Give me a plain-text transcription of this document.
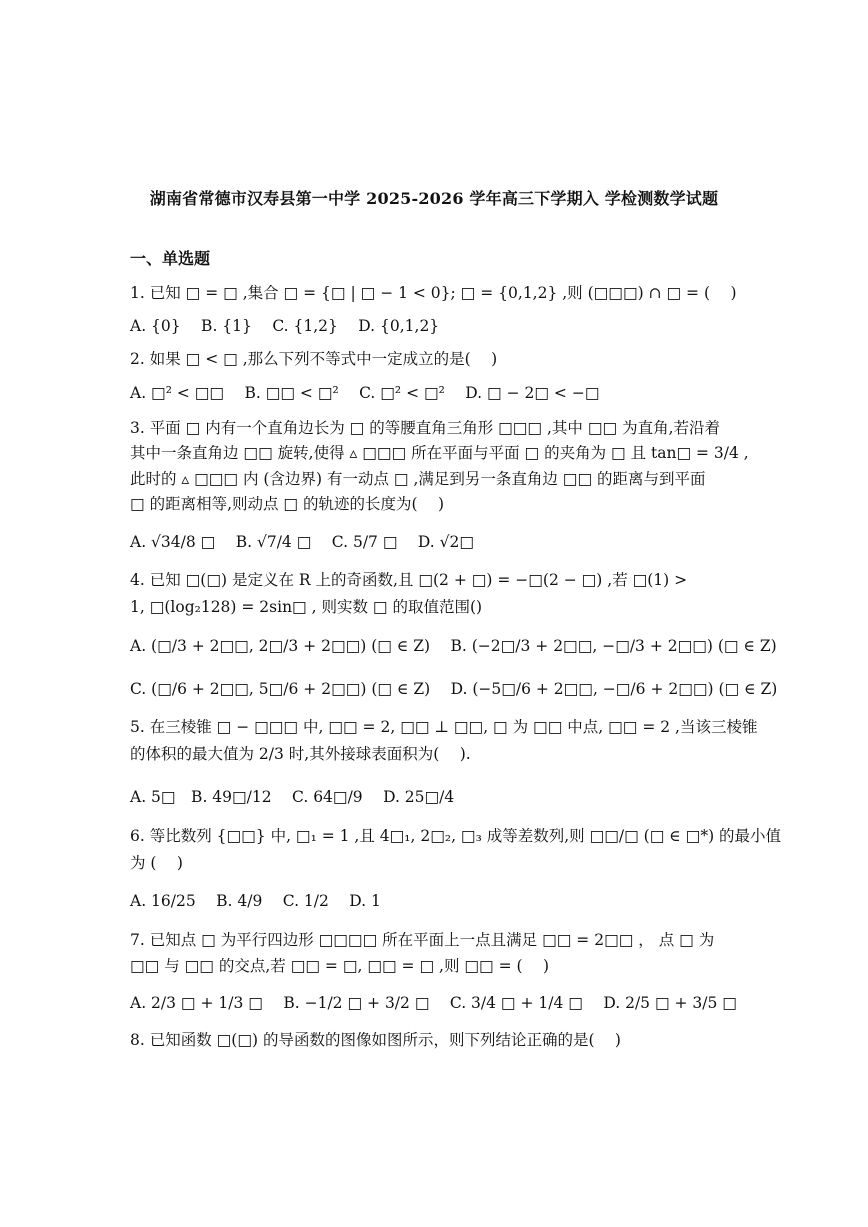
湖南省常德市汉寿县第一中学 2025-2026 学年高三下学期入 学检测数学试题
一、单选题
1. 已知 □ = □ ,集合 □ = {□ | □ − 1 < 0}; □ = {0,1,2} ,则 (□□□) ∩ □ = (　 )
A. {0}　 B. {1}　 C. {1,2}　 D. {0,1,2}
2. 如果 □ < □ ,那么下列不等式中一定成立的是(　 )
A. □² < □□　 B. □□ < □²　 C. □² < □²　 D. □ − 2□ < −□
3. 平面 □ 内有一个直角边长为 □ 的等腰直角三角形 □□□ ,其中 □□ 为直角,若沿着
其中一条直角边 □□ 旋转,使得 ▵ □□□ 所在平面与平面 □ 的夹角为 □ 且 tan□ = 3/4 ,
此时的 ▵ □□□ 内 (含边界) 有一动点 □ ,满足到另一条直角边 □□ 的距离与到平面
□ 的距离相等,则动点 □ 的轨迹的长度为(　 )
A. √34/8 □　 B. √7/4 □　 C. 5/7 □　 D. √2□
4. 已知 □(□) 是定义在 R 上的奇函数,且 □(2 + □) = −□(2 − □) ,若 □(1) >
1, □(log₂128) = 2sin□ , 则实数 □ 的取值范围()
A. (□/3 + 2□□, 2□/3 + 2□□) (□ ∈ Z)　 B. (−2□/3 + 2□□, −□/3 + 2□□) (□ ∈ Z)
C. (□/6 + 2□□, 5□/6 + 2□□) (□ ∈ Z)　 D. (−5□/6 + 2□□, −□/6 + 2□□) (□ ∈ Z)
5. 在三棱锥 □ − □□□ 中, □□ = 2, □□ ⊥ □□, □ 为 □□ 中点, □□ = 2 ,当该三棱锥
的体积的最大值为 2/3 时,其外接球表面积为(　 ).
A. 5□　B. 49□/12　 C. 64□/9　 D. 25□/4
6. 等比数列 {□□} 中, □₁ = 1 ,且 4□₁, 2□₂, □₃ 成等差数列,则 □□/□ (□ ∈ □*) 的最小值
为 (　 )
A. 16/25　 B. 4/9　 C. 1/2　 D. 1
7. 已知点 □ 为平行四边形 □□□□ 所在平面上一点且满足 □□ = 2□□ ， 点 □ 为
□□ 与 □□ 的交点,若 □□ = □, □□ = □ ,则 □□ = (　 )
A. 2/3 □ + 1/3 □　 B. −1/2 □ + 3/2 □　 C. 3/4 □ + 1/4 □　 D. 2/5 □ + 3/5 □
8. 已知函数 □(□) 的导函数的图像如图所示，则下列结论正确的是(　 )
